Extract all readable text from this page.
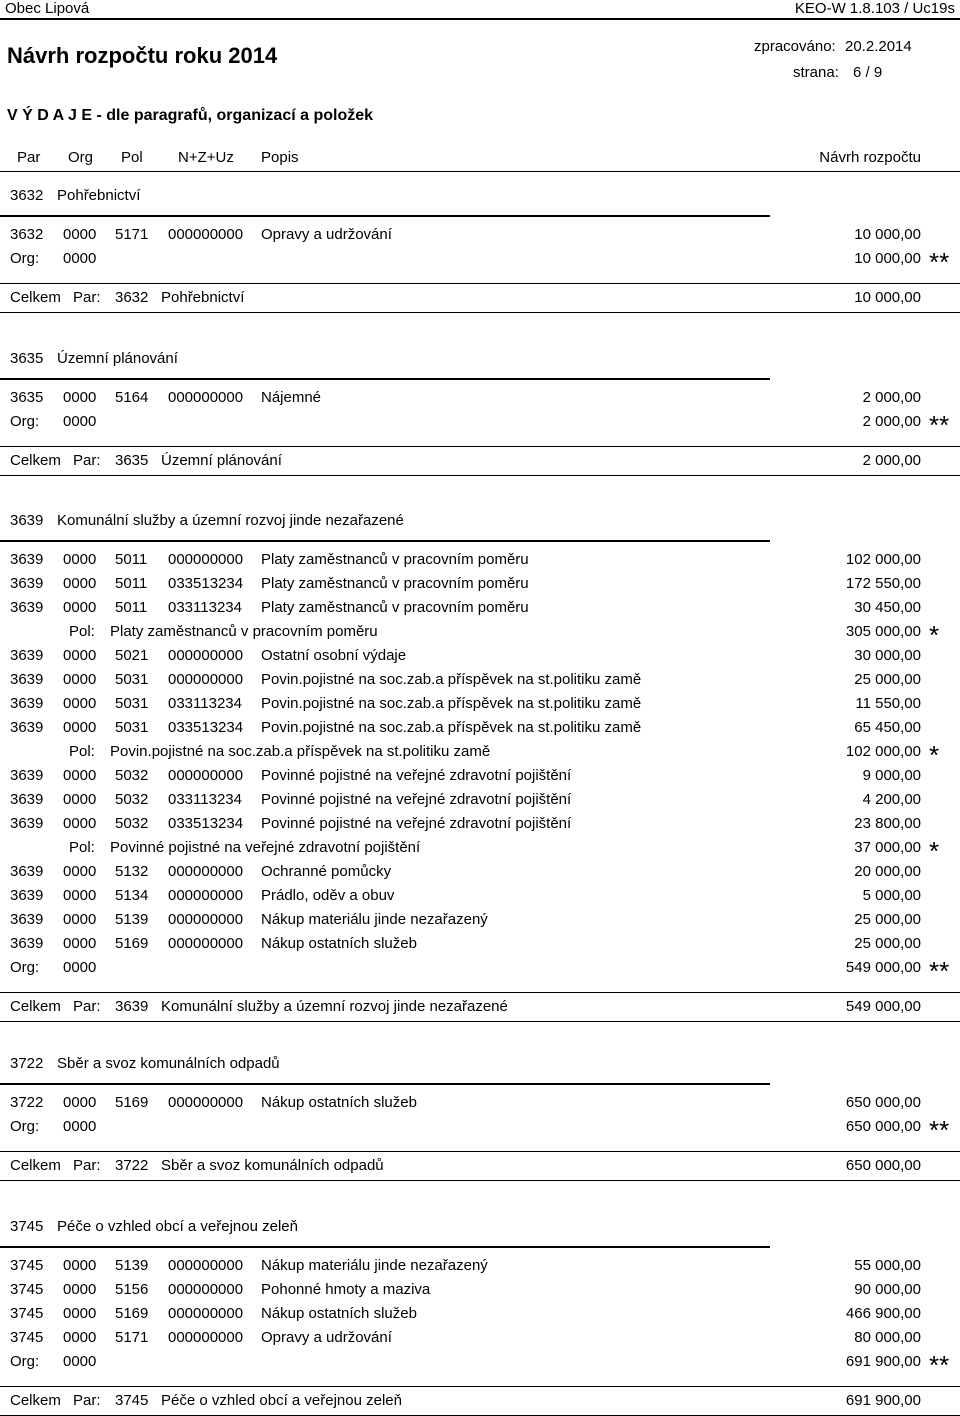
Obec Lipová	KEO-W 1.8.103 / Uc19s
Návrh rozpočtu roku 2014	zpracováno: 20.2.2014
strana: 6 / 9
V Ý D A J E - dle paragrafů, organizací a položek
Par Org Pol N+Z+Uz Popis	Návrh rozpočtu
3632 Pohřebnictví
3632 0000 5171 000000000 Opravy a udržování	10 000,00
Org: 0000	10 000,00 **
Celkem Par: 3632 Pohřebnictví	10 000,00
3635 Územní plánování
3635 0000 5164 000000000 Nájemné	2 000,00
Org: 0000	2 000,00 **
Celkem Par: 3635 Územní plánování	2 000,00
3639 Komunální služby a územní rozvoj jinde nezařazené
3639 0000 5011 000000000 Platy zaměstnanců v pracovním poměru	102 000,00
3639 0000 5011 033513234 Platy zaměstnanců v pracovním poměru	172 550,00
3639 0000 5011 033113234 Platy zaměstnanců v pracovním poměru	30 450,00
Pol: Platy zaměstnanců v pracovním poměru	305 000,00 *
3639 0000 5021 000000000 Ostatní osobní výdaje	30 000,00
3639 0000 5031 000000000 Povin.pojistné na soc.zab.a příspěvek na st.politiku zamě	25 000,00
3639 0000 5031 033113234 Povin.pojistné na soc.zab.a příspěvek na st.politiku zamě	11 550,00
3639 0000 5031 033513234 Povin.pojistné na soc.zab.a příspěvek na st.politiku zamě	65 450,00
Pol: Povin.pojistné na soc.zab.a příspěvek na st.politiku zamě	102 000,00 *
3639 0000 5032 000000000 Povinné pojistné na veřejné zdravotní pojištění	9 000,00
3639 0000 5032 033113234 Povinné pojistné na veřejné zdravotní pojištění	4 200,00
3639 0000 5032 033513234 Povinné pojistné na veřejné zdravotní pojištění	23 800,00
Pol: Povinné pojistné na veřejné zdravotní pojištění	37 000,00 *
3639 0000 5132 000000000 Ochranné pomůcky	20 000,00
3639 0000 5134 000000000 Prádlo, oděv a obuv	5 000,00
3639 0000 5139 000000000 Nákup materiálu jinde nezařazený	25 000,00
3639 0000 5169 000000000 Nákup ostatních služeb	25 000,00
Org: 0000	549 000,00 **
Celkem Par: 3639 Komunální služby a územní rozvoj jinde nezařazené	549 000,00
3722 Sběr a svoz komunálních odpadů
3722 0000 5169 000000000 Nákup ostatních služeb	650 000,00
Org: 0000	650 000,00 **
Celkem Par: 3722 Sběr a svoz komunálních odpadů	650 000,00
3745 Péče o vzhled obcí a veřejnou zeleň
3745 0000 5139 000000000 Nákup materiálu jinde nezařazený	55 000,00
3745 0000 5156 000000000 Pohonné hmoty a maziva	90 000,00
3745 0000 5169 000000000 Nákup ostatních služeb	466 900,00
3745 0000 5171 000000000 Opravy a udržování	80 000,00
Org: 0000	691 900,00 **
Celkem Par: 3745 Péče o vzhled obcí a veřejnou zeleň	691 900,00
